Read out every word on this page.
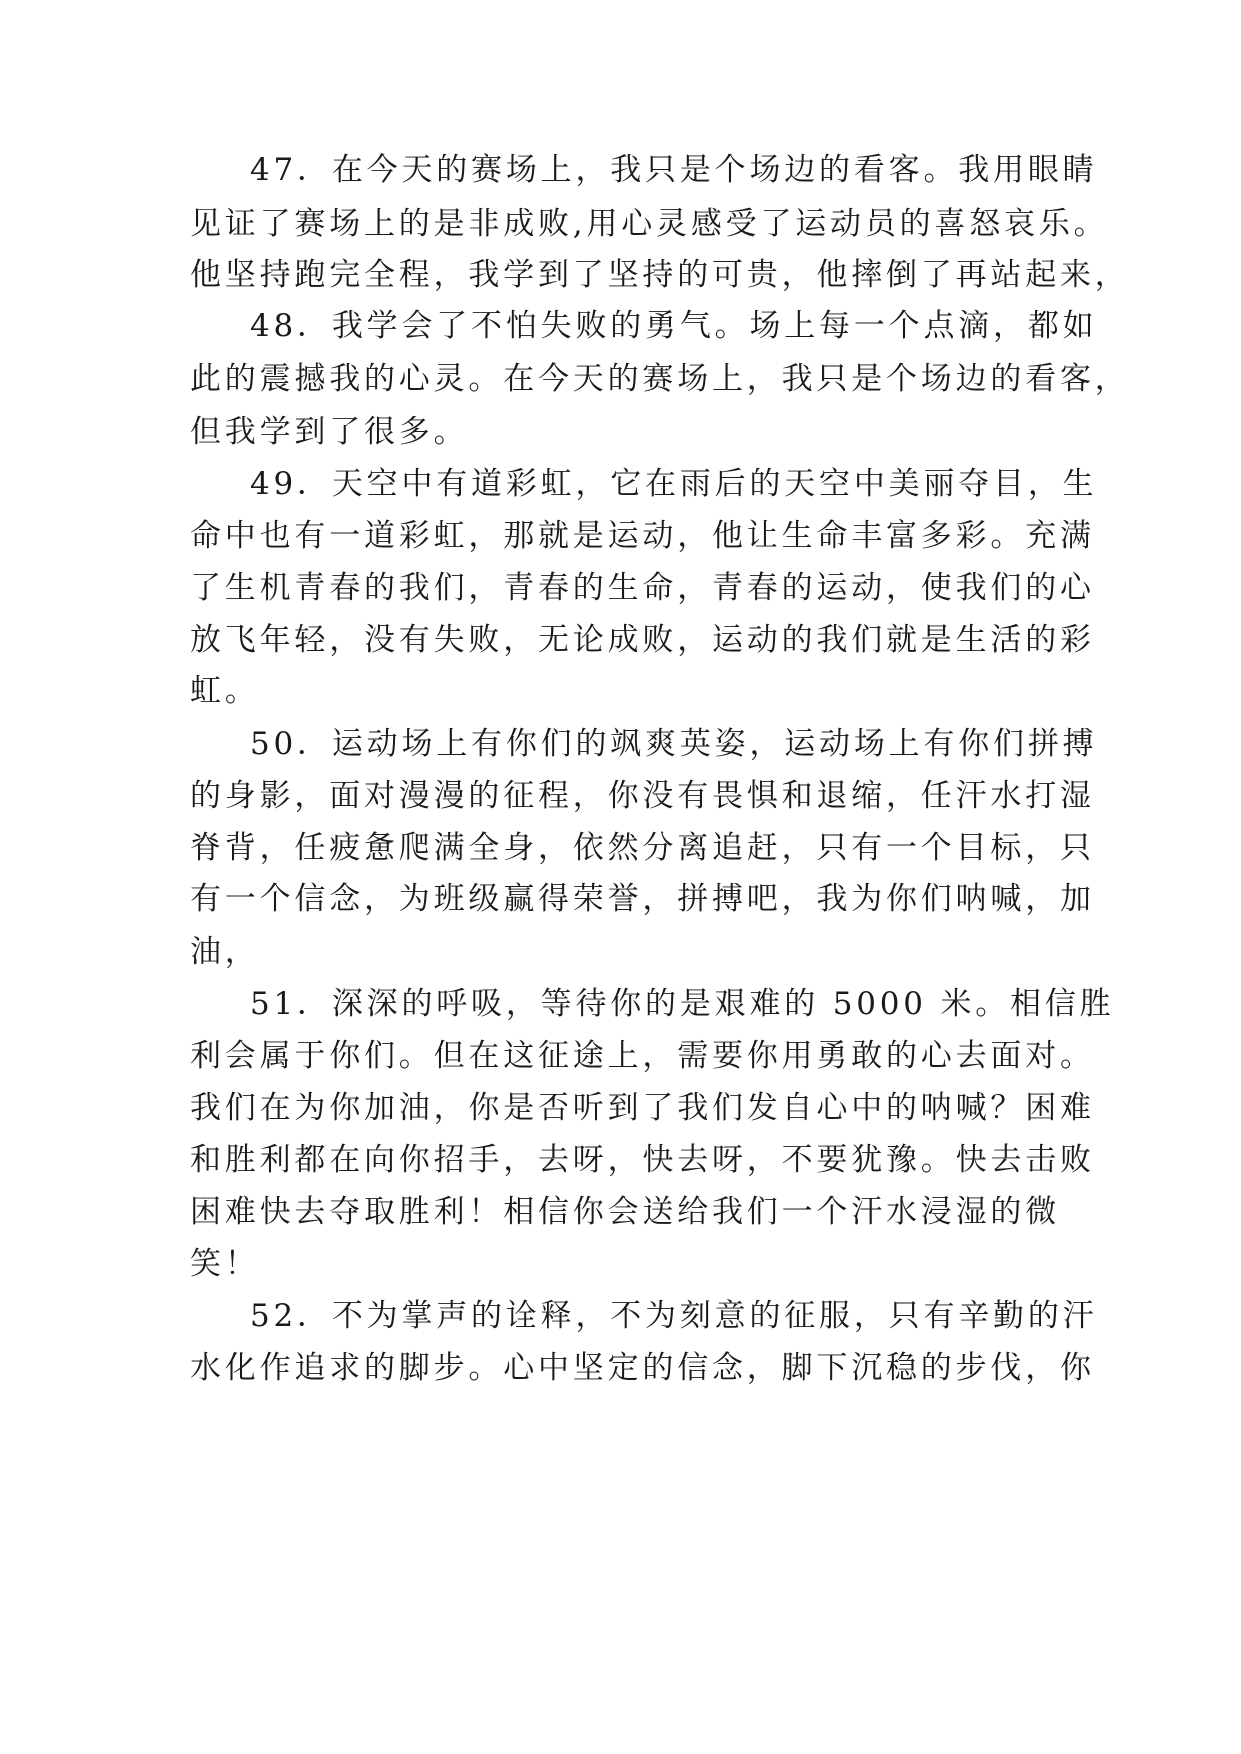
47．在今天的赛场上，我只是个场边的看客。我用眼睛
见证了赛场上的是非成败,用心灵感受了运动员的喜怒哀乐。
他坚持跑完全程，我学到了坚持的可贵，他摔倒了再站起来，
48．我学会了不怕失败的勇气。场上每一个点滴，都如
此的震撼我的心灵。在今天的赛场上，我只是个场边的看客，
但我学到了很多。
49．天空中有道彩虹，它在雨后的天空中美丽夺目，生
命中也有一道彩虹，那就是运动，他让生命丰富多彩。充满
了生机青春的我们，青春的生命，青春的运动，使我们的心
放飞年轻，没有失败，无论成败，运动的我们就是生活的彩
虹。
50．运动场上有你们的飒爽英姿，运动场上有你们拼搏
的身影，面对漫漫的征程，你没有畏惧和退缩，任汗水打湿
脊背，任疲惫爬满全身，依然分离追赶，只有一个目标，只
有一个信念，为班级赢得荣誉，拼搏吧，我为你们呐喊，加
油，
51．深深的呼吸，等待你的是艰难的 5000 米。相信胜
利会属于你们。但在这征途上，需要你用勇敢的心去面对。
我们在为你加油，你是否听到了我们发自心中的呐喊？困难
和胜利都在向你招手，去呀，快去呀，不要犹豫。快去击败
困难快去夺取胜利！相信你会送给我们一个汗水浸湿的微
笑！
52．不为掌声的诠释，不为刻意的征服，只有辛勤的汗
水化作追求的脚步。心中坚定的信念，脚下沉稳的步伐，你
